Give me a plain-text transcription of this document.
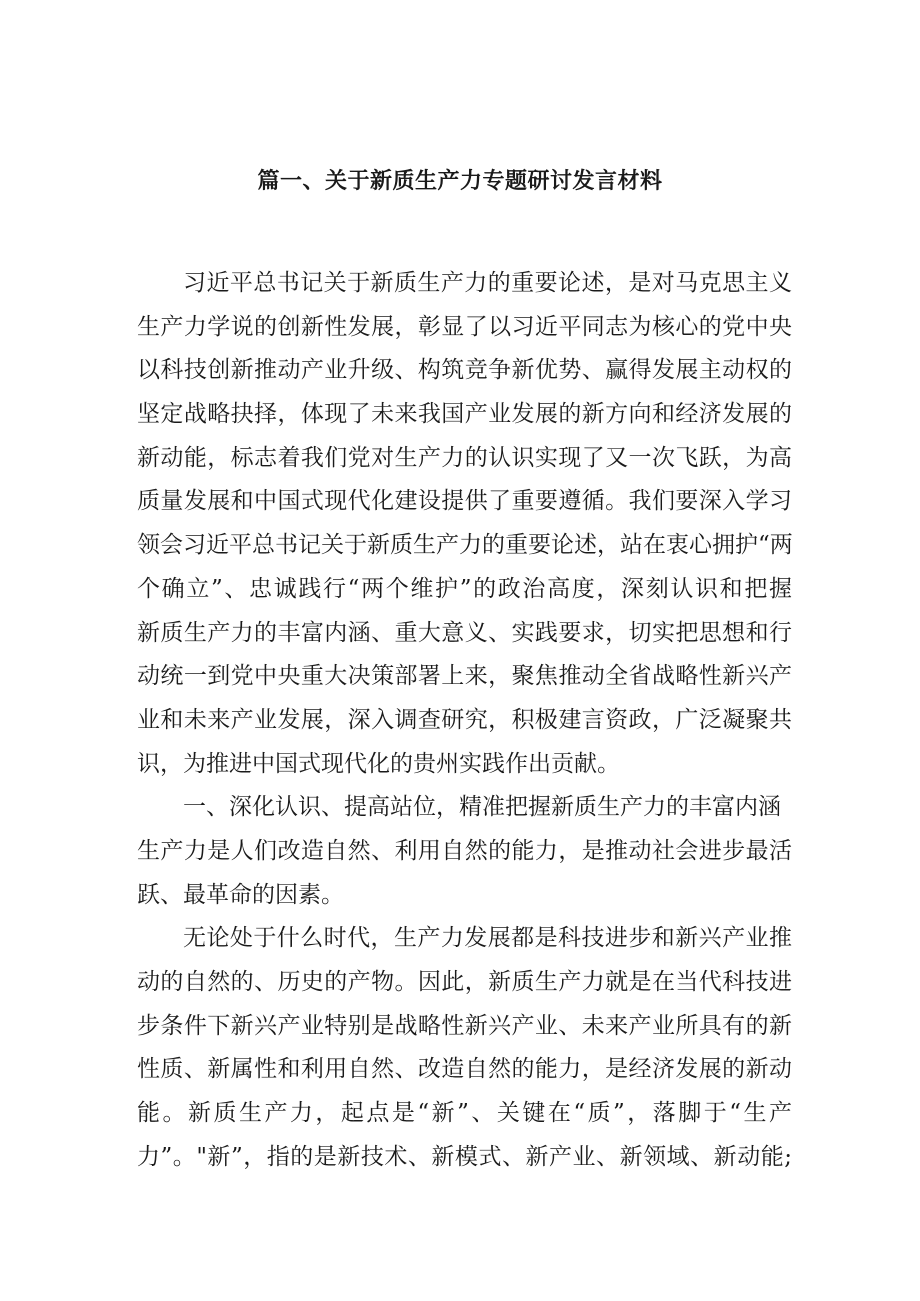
篇一、关于新质生产力专题研讨发言材料
习近平总书记关于新质生产力的重要论述，是对马克思主义
生产力学说的创新性发展，彰显了以习近平同志为核心的党中央
以科技创新推动产业升级、构筑竞争新优势、赢得发展主动权的
坚定战略抉择，体现了未来我国产业发展的新方向和经济发展的
新动能，标志着我们党对生产力的认识实现了又一次飞跃，为高
质量发展和中国式现代化建设提供了重要遵循。我们要深入学习
领会习近平总书记关于新质生产力的重要论述，站在衷心拥护“两
个确立”、忠诚践行“两个维护”的政治高度，深刻认识和把握
新质生产力的丰富内涵、重大意义、实践要求，切实把思想和行
动统一到党中央重大决策部署上来，聚焦推动全省战略性新兴产
业和未来产业发展，深入调查研究，积极建言资政，广泛凝聚共
识，为推进中国式现代化的贵州实践作出贡献。
一、深化认识、提高站位，精准把握新质生产力的丰富内涵
生产力是人们改造自然、利用自然的能力，是推动社会进步最活
跃、最革命的因素。
无论处于什么时代，生产力发展都是科技进步和新兴产业推
动的自然的、历史的产物。因此，新质生产力就是在当代科技进
步条件下新兴产业特别是战略性新兴产业、未来产业所具有的新
性质、新属性和利用自然、改造自然的能力，是经济发展的新动
能。新质生产力，起点是“新”、关键在“质”，落脚于“生产
力”。"新”，指的是新技术、新模式、新产业、新领域、新动能;
